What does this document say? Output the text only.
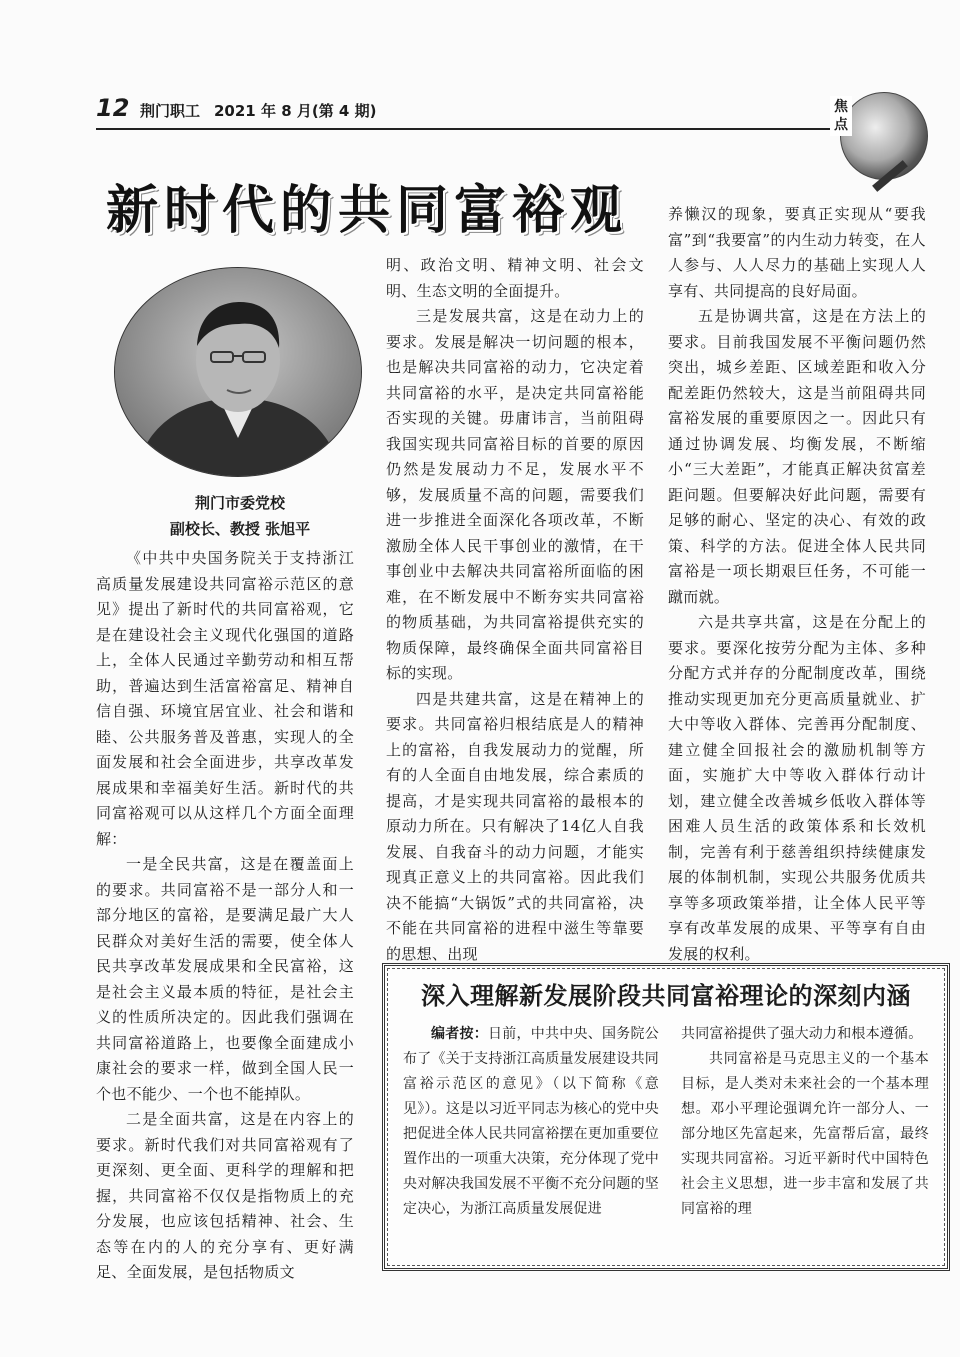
12 荆门职工 2021 年 8 月(第 4 期)	焦点
新时代的共同富裕观
荆门市委党校
副校长、教授 张旭平

《中共中央国务院关于支持浙江高质量发展建设共同富裕示范区的意见》提出了新时代的共同富裕观，它是在建设社会主义现代化强国的道路上，全体人民通过辛勤劳动和相互帮助，普遍达到生活富裕富足、精神自信自强、环境宜居宜业、社会和谐和睦、公共服务普及普惠，实现人的全面发展和社会全面进步，共享改革发展成果和幸福美好生活。新时代的共同富裕观可以从这样几个方面全面理解：

一是全民共富，这是在覆盖面上的要求。共同富裕不是一部分人和一部分地区的富裕，是要满足最广大人民群众对美好生活的需要，使全体人民共享改革发展成果和全民富裕，这是社会主义最本质的特征，是社会主义的性质所决定的。因此我们强调在共同富裕道路上，也要像全面建成小康社会的要求一样，做到全国人民一个也不能少、一个也不能掉队。

二是全面共富，这是在内容上的要求。新时代我们对共同富裕观有了更深刻、更全面、更科学的理解和把握，共同富裕不仅仅是指物质上的充分发展，也应该包括精神、社会、生态等在内的人的充分享有、更好满足、全面发展，是包括物质文

明、政治文明、精神文明、社会文明、生态文明的全面提升。

三是发展共富，这是在动力上的要求。发展是解决一切问题的根本，也是解决共同富裕的动力，它决定着共同富裕的水平，是决定共同富裕能否实现的关键。毋庸讳言，当前阻碍我国实现共同富裕目标的首要的原因仍然是发展动力不足，发展水平不够，发展质量不高的问题，需要我们进一步推进全面深化各项改革，不断激励全体人民干事创业的激情，在干事创业中去解决共同富裕所面临的困难，在不断发展中不断夯实共同富裕的物质基础，为共同富裕提供充实的物质保障，最终确保全面共同富裕目标的实现。

四是共建共富，这是在精神上的要求。共同富裕归根结底是人的精神上的富裕，自我发展动力的觉醒，所有的人全面自由地发展，综合素质的提高，才是实现共同富裕的最根本的原动力所在。只有解决了14亿人自我发展、自我奋斗的动力问题，才能实现真正意义上的共同富裕。因此我们决不能搞“大锅饭”式的共同富裕，决不能在共同富裕的进程中滋生等靠要的思想、出现

养懒汉的现象，要真正实现从“要我富”到“我要富”的内生动力转变，在人人参与、人人尽力的基础上实现人人享有、共同提高的良好局面。

五是协调共富，这是在方法上的要求。目前我国发展不平衡问题仍然突出，城乡差距、区域差距和收入分配差距仍然较大，这是当前阻碍共同富裕发展的重要原因之一。因此只有通过协调发展、均衡发展，不断缩小“三大差距”，才能真正解决贫富差距问题。但要解决好此问题，需要有足够的耐心、坚定的决心、有效的政策、科学的方法。促进全体人民共同富裕是一项长期艰巨任务，不可能一蹴而就。

六是共享共富，这是在分配上的要求。要深化按劳分配为主体、多种分配方式并存的分配制度改革，围绕推动实现更加充分更高质量就业、扩大中等收入群体、完善再分配制度、建立健全回报社会的激励机制等方面，实施扩大中等收入群体行动计划，建立健全改善城乡低收入群体等困难人员生活的政策体系和长效机制，完善有利于慈善组织持续健康发展的体制机制，实现公共服务优质共享等多项政策举措，让全体人民平等享有改革发展的成果、平等享有自由发展的权利。

深入理解新发展阶段共同富裕理论的深刻内涵

编者按：日前，中共中央、国务院公布了《关于支持浙江高质量发展建设共同富裕示范区的意见》（以下简称《意见》）。这是以习近平同志为核心的党中央把促进全体人民共同富裕摆在更加重要位置作出的一项重大决策，充分体现了党中央对解决我国发展不平衡不充分问题的坚定决心，为浙江高质量发展促进

共同富裕提供了强大动力和根本遵循。

共同富裕是马克思主义的一个基本目标，是人类对未来社会的一个基本理想。邓小平理论强调允许一部分人、一部分地区先富起来，先富帮后富，最终实现共同富裕。习近平新时代中国特色社会主义思想，进一步丰富和发展了共同富裕的理
